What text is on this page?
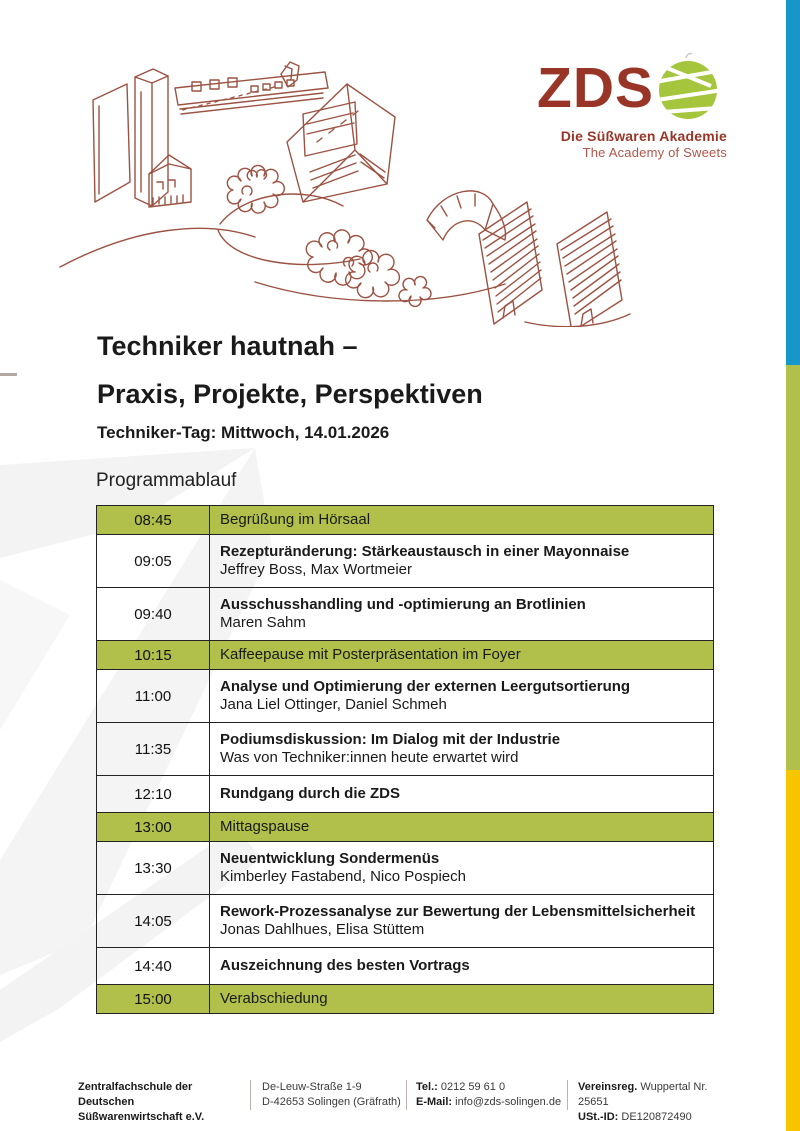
ZDS
Die Süßwaren Akademie
The Academy of Sweets
Techniker hautnah –
Praxis, Projekte, Perspektiven
Techniker-Tag: Mittwoch, 14.01.2026
Programmablauf
08:45	Begrüßung im Hörsaal

09:05	Rezepturänderung: Stärkeaustausch in einer Mayonnaise
Jeffrey Boss, Max Wortmeier

09:40	Ausschusshandling und -optimierung an Brotlinien
Maren Sahm

10:15	Kaffeepause mit Posterpräsentation im Foyer

11:00	Analyse und Optimierung der externen Leergutsortierung
Jana Liel Ottinger, Daniel Schmeh

11:35	Podiumsdiskussion: Im Dialog mit der Industrie
Was von Techniker:innen heute erwartet wird

12:10	Rundgang durch die ZDS

13:00	Mittagspause

13:30	Neuentwicklung Sondermenüs
Kimberley Fastabend, Nico Pospiech

14:05	Rework-Prozessanalyse zur Bewertung der Lebensmittelsicherheit
Jonas Dahlhues, Elisa Stüttem

14:40	Auszeichnung des besten Vortrags

15:00	Verabschiedung
Zentralfachschule der Deutschen
Süßwarenwirtschaft e.V.
De-Leuw-Straße 1-9
D-42653 Solingen (Gräfrath)
Tel.: 0212 59 61 0
E-Mail: info@zds-solingen.de
Vereinsreg. Wuppertal Nr. 25651
USt.-ID: DE120872490
